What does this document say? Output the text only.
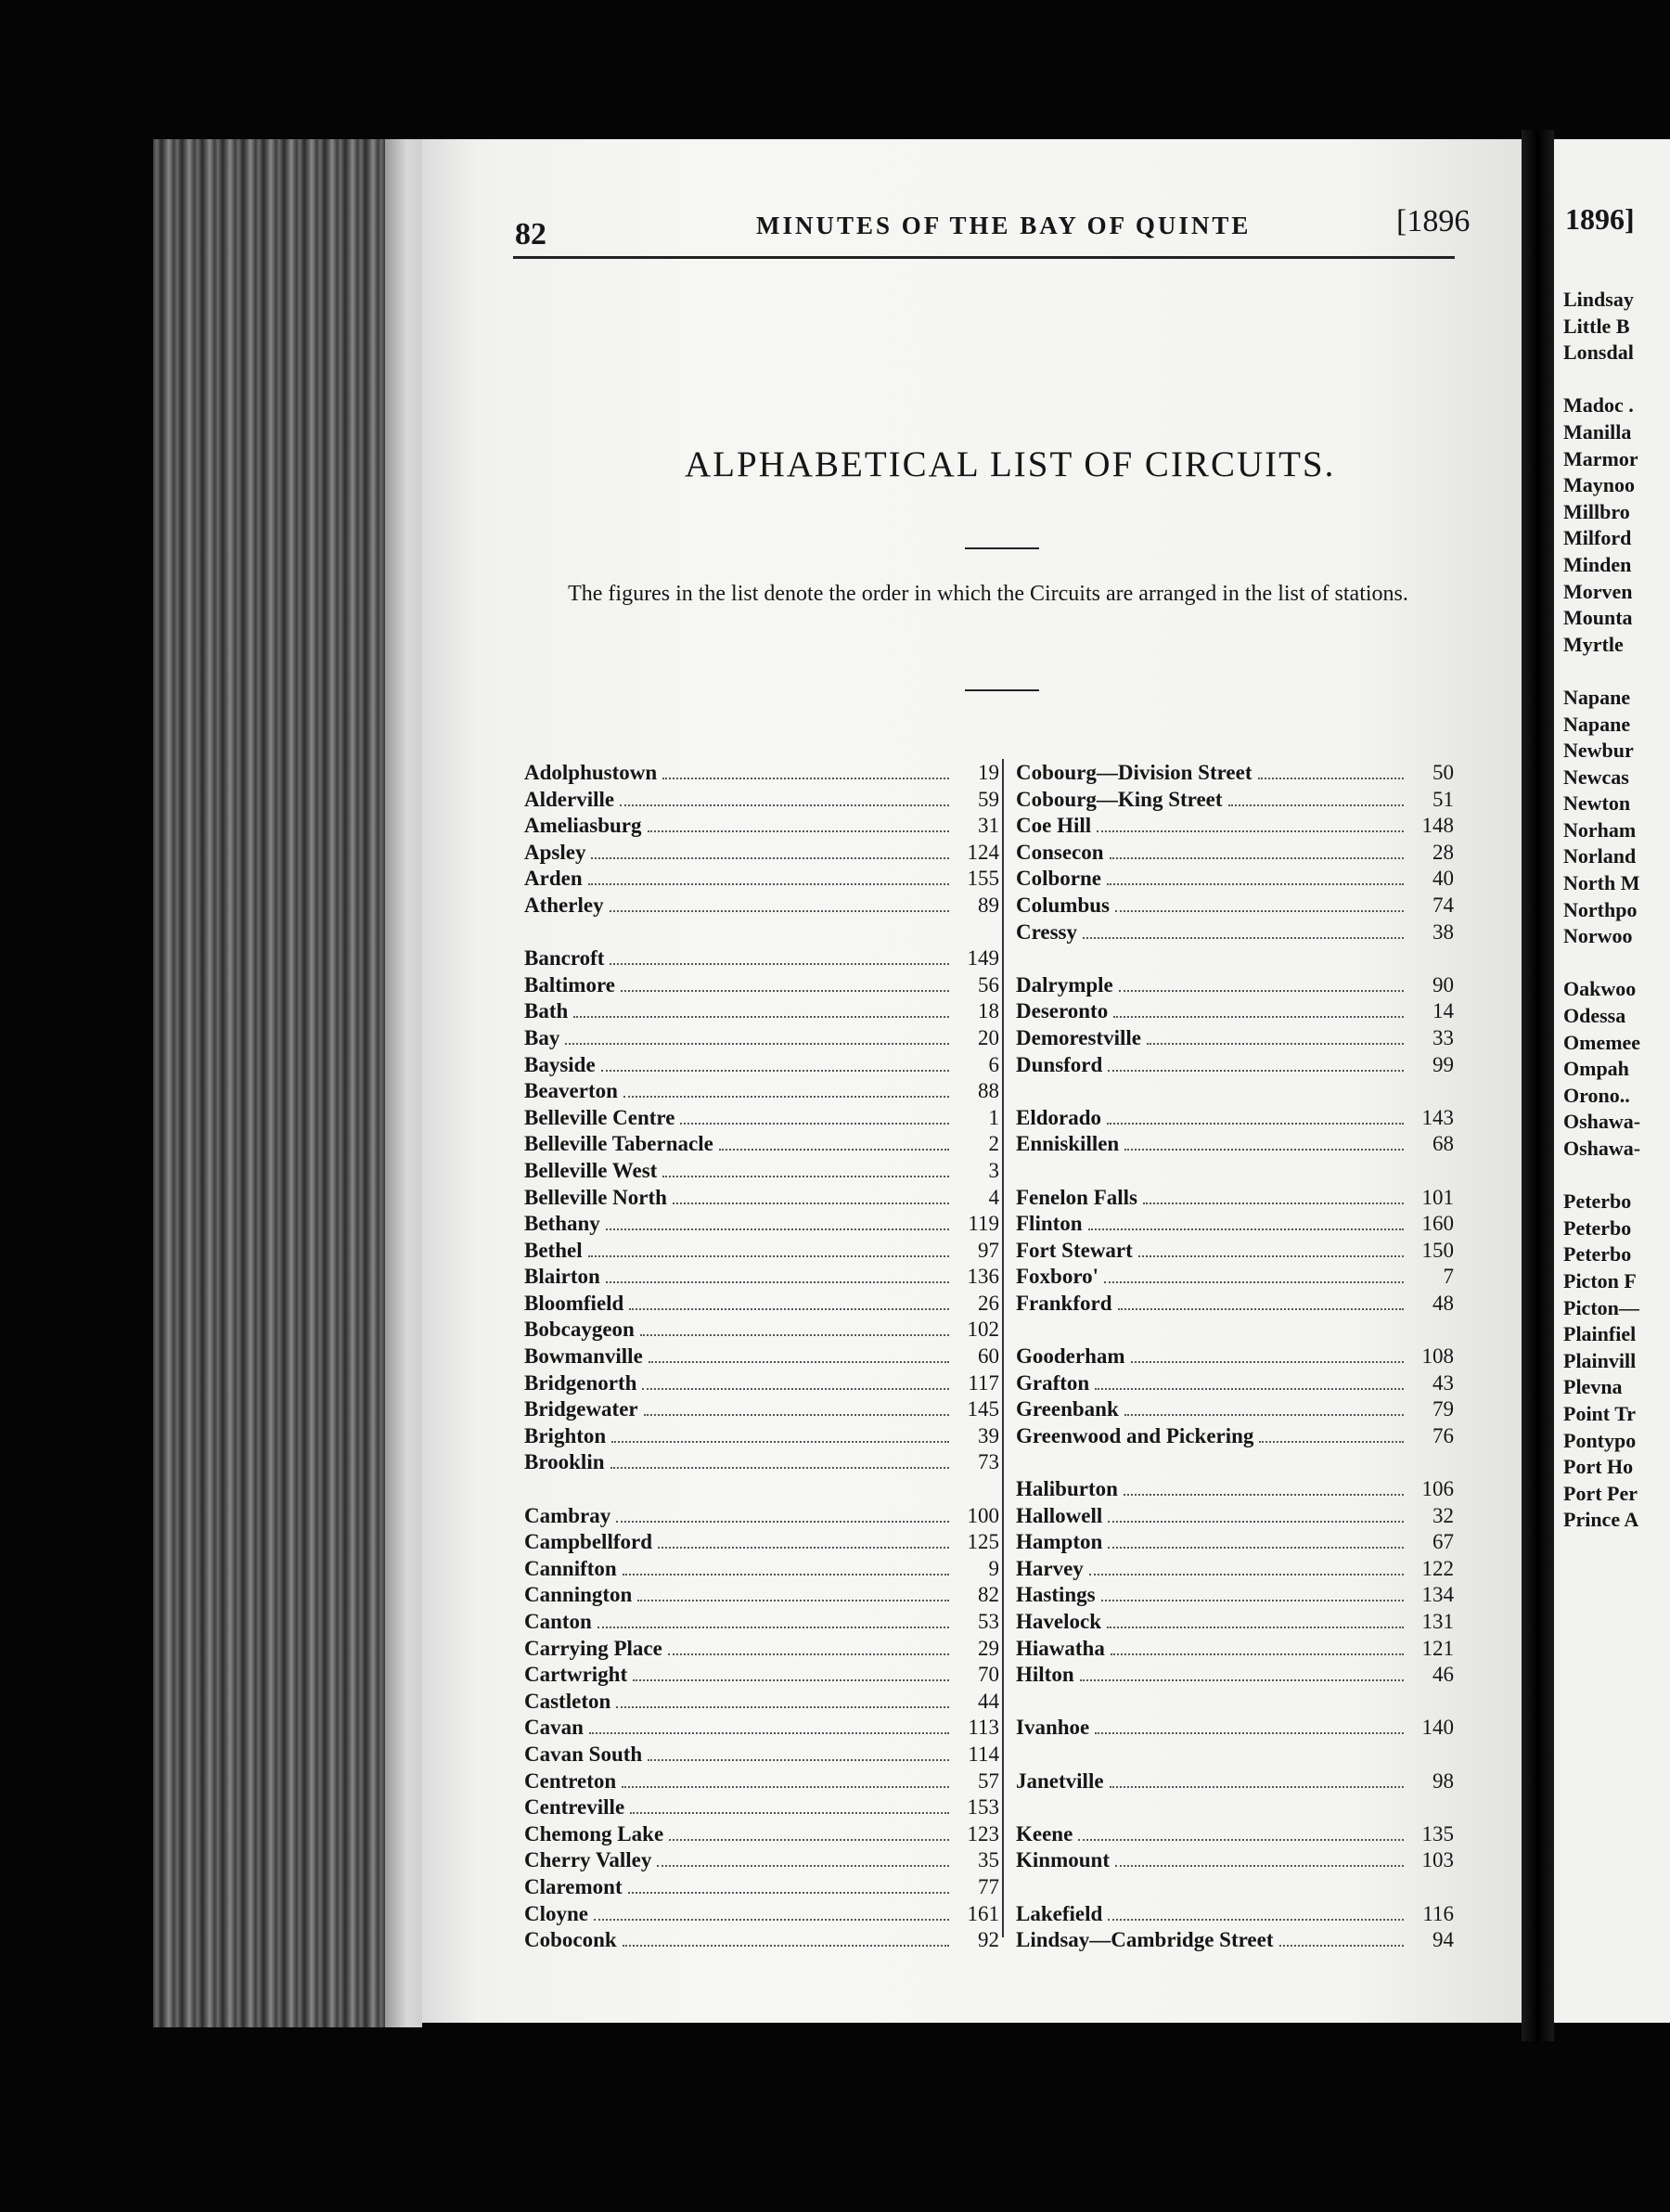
82	MINUTES OF THE BAY OF QUINTE	[1896
ALPHABETICAL LIST OF CIRCUITS.
The figures in the list denote the order in which the Circuits are arranged in the list of stations.
Adolphustown	19
Alderville	59
Ameliasburg	31
Apsley	124
Arden	155
Atherley	89
Bancroft	149
Baltimore	56
Bath	18
Bay	20
Bayside	6
Beaverton	88
Belleville Centre	1
Belleville Tabernacle	2
Belleville West	3
Belleville North	4
Bethany	119
Bethel	97
Blairton	136
Bloomfield	26
Bobcaygeon	102
Bowmanville	60
Bridgenorth	117
Bridgewater	145
Brighton	39
Brooklin	73
Cambray	100
Campbellford	125
Cannifton	9
Cannington	82
Canton	53
Carrying Place	29
Cartwright	70
Castleton	44
Cavan	113
Cavan South	114
Centreton	57
Centreville	153
Chemong Lake	123
Cherry Valley	35
Claremont	77
Cloyne	161
Coboconk	92
Cobourg—Division Street	50
Cobourg—King Street	51
Coe Hill	148
Consecon	28
Colborne	40
Columbus	74
Cressy	38
Dalrymple	90
Deseronto	14
Demorestville	33
Dunsford	99
Eldorado	143
Enniskillen	68
Fenelon Falls	101
Flinton	160
Fort Stewart	150
Foxboro'	7
Frankford	48
Gooderham	108
Grafton	43
Greenbank	79
Greenwood and Pickering	76
Haliburton	106
Hallowell	32
Hampton	67
Harvey	122
Hastings	134
Havelock	131
Hiawatha	121
Hilton	46
Ivanhoe	140
Janetville	98
Keene	135
Kinmount	103
Lakefield	116
Lindsay—Cambridge Street	94
1896]
Lindsay
Little B
Lonsdal

Madoc .
Manilla
Marmor
Maynoo
Millbro
Milford
Minden
Morven
Mounta
Myrtle

Napane
Napane
Newbur
Newcas
Newton
Norham
Norland
North M
Northpo
Norwoo

Oakwoo
Odessa
Omemee
Ompah
Orono..
Oshawa-
Oshawa-

Peterbo
Peterbo
Peterbo
Picton F
Picton—
Plainfiel
Plainvill
Plevna
Point Tr
Pontypo
Port Ho
Port Per
Prince A
